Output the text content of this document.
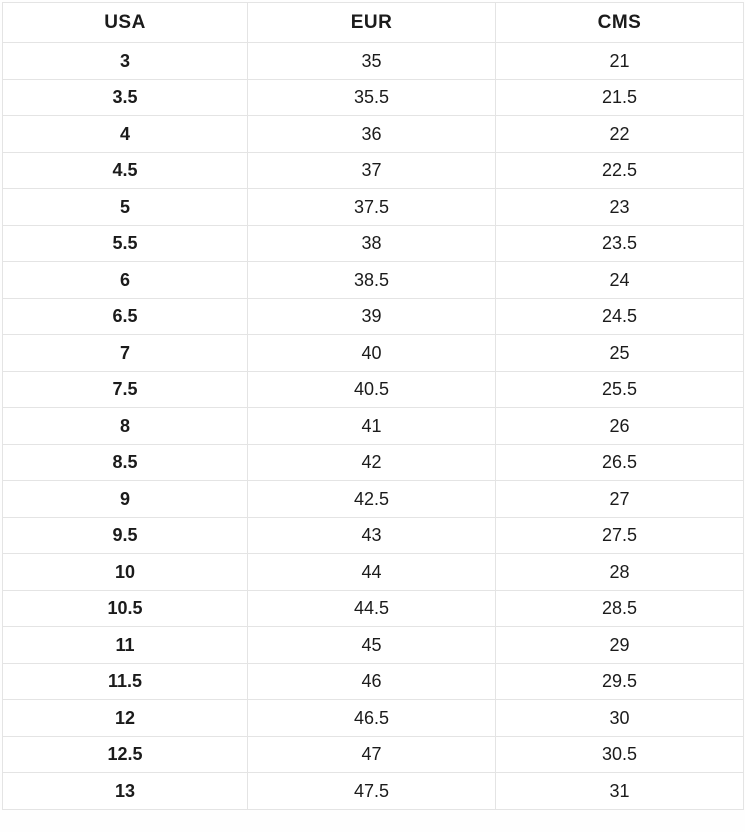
USA	EUR	CMS
3	35	21
3.5	35.5	21.5
4	36	22
4.5	37	22.5
5	37.5	23
5.5	38	23.5
6	38.5	24
6.5	39	24.5
7	40	25
7.5	40.5	25.5
8	41	26
8.5	42	26.5
9	42.5	27
9.5	43	27.5
10	44	28
10.5	44.5	28.5
11	45	29
11.5	46	29.5
12	46.5	30
12.5	47	30.5
13	47.5	31
